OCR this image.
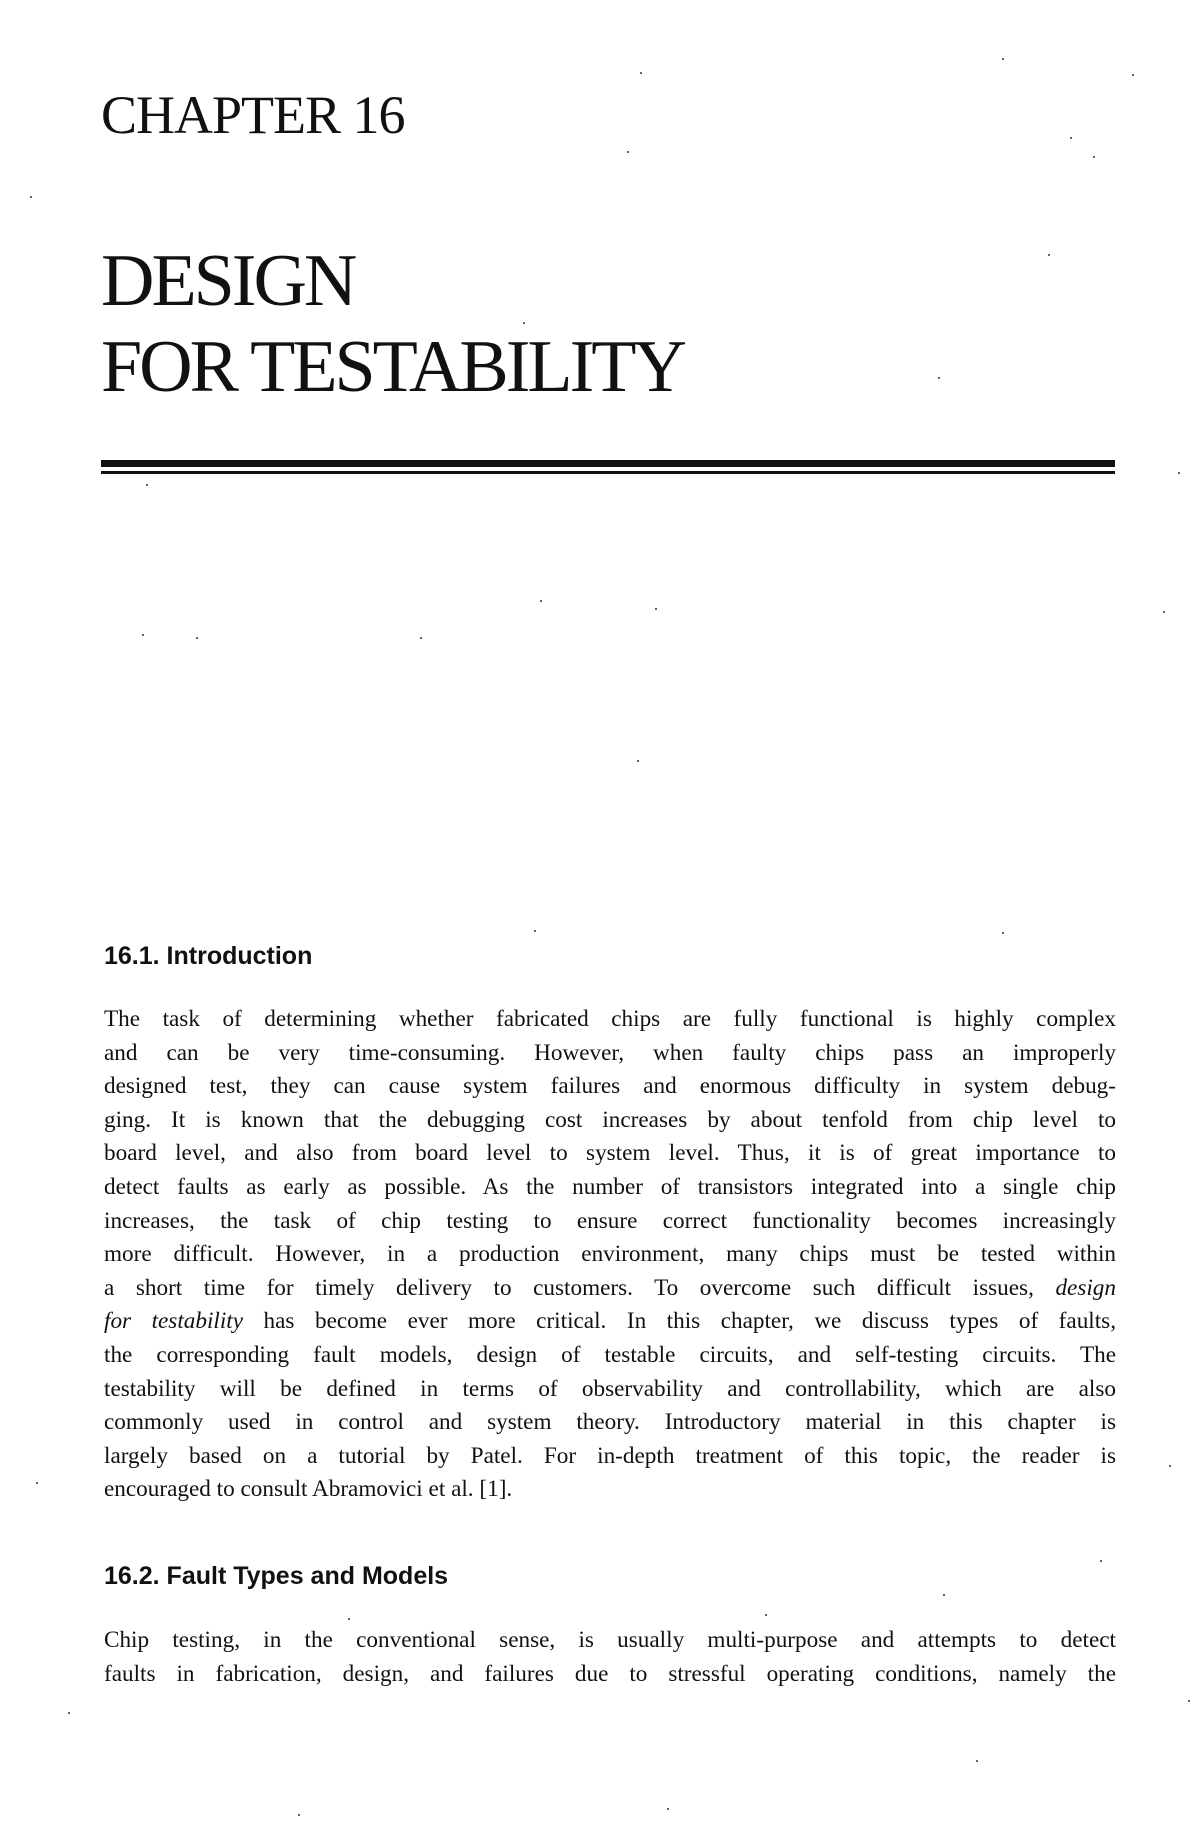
CHAPTER 16
DESIGN
FOR TESTABILITY
16.1. Introduction

The task of determining whether fabricated chips are fully functional is highly complex
and can be very time-consuming. However, when faulty chips pass an improperly
designed test, they can cause system failures and enormous difficulty in system debug-
ging. It is known that the debugging cost increases by about tenfold from chip level to
board level, and also from board level to system level. Thus, it is of great importance to
detect faults as early as possible. As the number of transistors integrated into a single chip
increases, the task of chip testing to ensure correct functionality becomes increasingly
more difficult. However, in a production environment, many chips must be tested within
a short time for timely delivery to customers. To overcome such difficult issues, design
for testability has become ever more critical. In this chapter, we discuss types of faults,
the corresponding fault models, design of testable circuits, and self-testing circuits. The
testability will be defined in terms of observability and controllability, which are also
commonly used in control and system theory. Introductory material in this chapter is
largely based on a tutorial by Patel. For in-depth treatment of this topic, the reader is
encouraged to consult Abramovici et al. [1].

16.2. Fault Types and Models

Chip testing, in the conventional sense, is usually multi-purpose and attempts to detect
faults in fabrication, design, and failures due to stressful operating conditions, namely the
